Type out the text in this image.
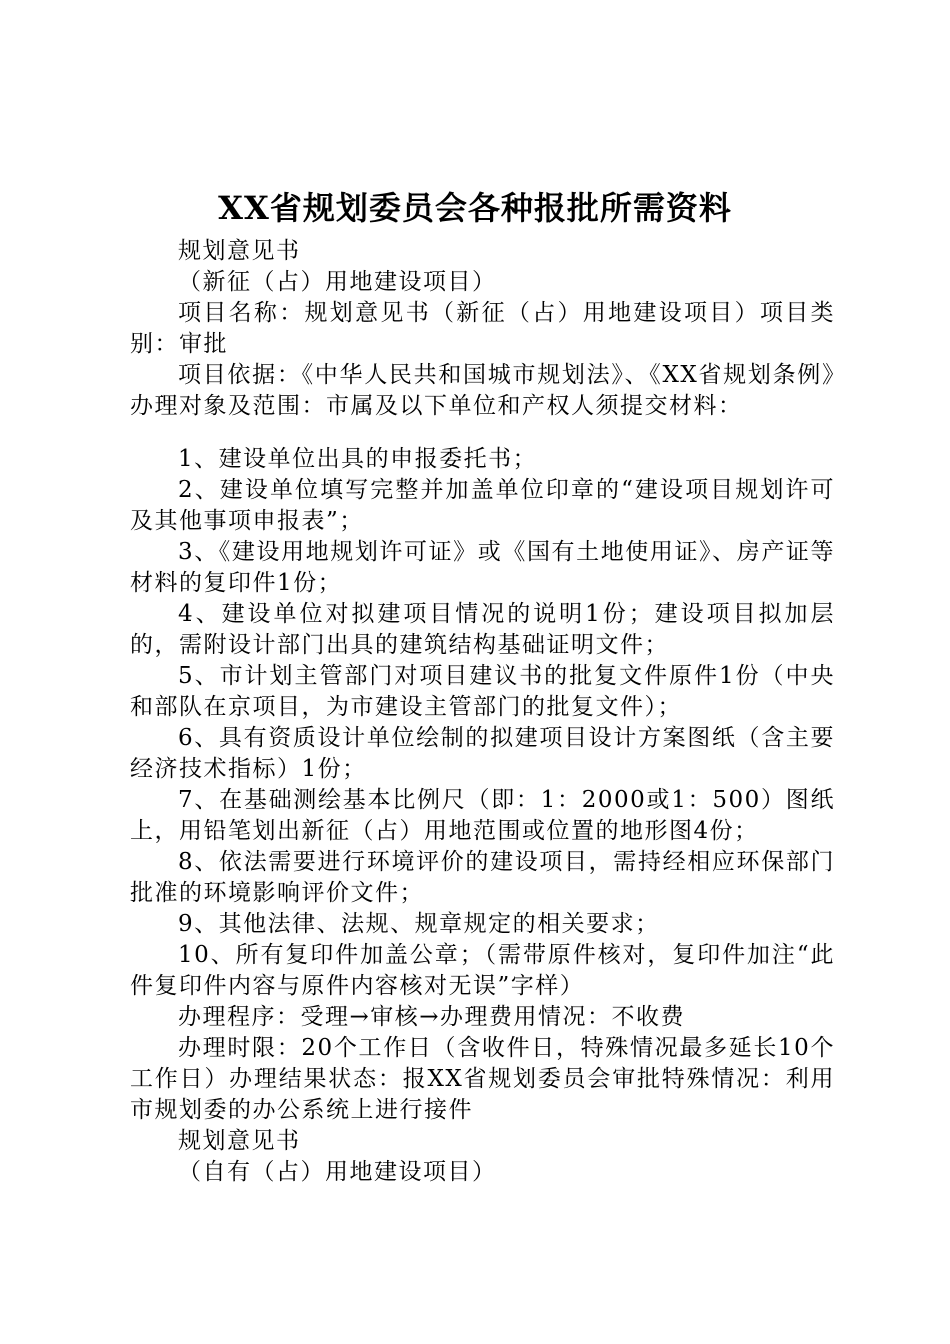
XX省规划委员会各种报批所需资料

规划意见书

（新征（占）用地建设项目）

项目名称：规划意见书（新征（占）用地建设项目）项目类别：审批

项目依据：《中华人民共和国城市规划法》、《XX省规划条例》办理对象及范围：市属及以下单位和产权人须提交材料：

1、建设单位出具的申报委托书；

2、建设单位填写完整并加盖单位印章的“建设项目规划许可及其他事项申报表”；

3、《建设用地规划许可证》或《国有土地使用证》、房产证等材料的复印件1份；

4、建设单位对拟建项目情况的说明1份；建设项目拟加层的，需附设计部门出具的建筑结构基础证明文件；

5、市计划主管部门对项目建议书的批复文件原件1份（中央和部队在京项目，为市建设主管部门的批复文件）；

6、具有资质设计单位绘制的拟建项目设计方案图纸（含主要经济技术指标）1份；

7、在基础测绘基本比例尺（即：1：2000或1：500）图纸上，用铅笔划出新征（占）用地范围或位置的地形图4份；

8、依法需要进行环境评价的建设项目，需持经相应环保部门批准的环境影响评价文件；

9、其他法律、法规、规章规定的相关要求；

10、所有复印件加盖公章；（需带原件核对，复印件加注“此件复印件内容与原件内容核对无误”字样）

办理程序：受理→审核→办理费用情况：不收费

办理时限：20个工作日（含收件日，特殊情况最多延长10个工作日）办理结果状态：报XX省规划委员会审批特殊情况：利用市规划委的办公系统上进行接件

规划意见书

（自有（占）用地建设项目）
